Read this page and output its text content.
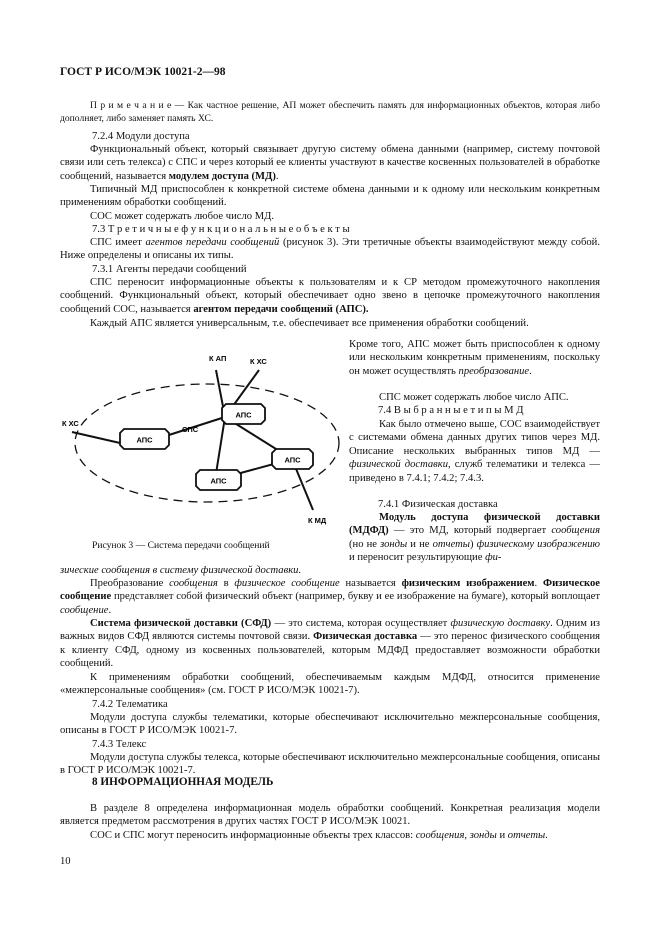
ГОСТ Р ИСО/МЭК 10021-2—98
П р и м е ч а н и е — Как частное решение, АП может обеспечить память для информационных объектов, которая либо дополняет, либо заменяет память ХС.
7.2.4 Модули доступа
Функциональный объект, который связывает другую систему обмена данными (например, систему почтовой связи или сеть телекса) с СПС и через который ее клиенты участвуют в качестве косвенных пользователей в обработке сообщений, называется модулем доступа (МД).
Типичный МД приспособлен к конкретной системе обмена данными и к одному или нескольким конкретным применениям обработки сообщений.
СОС может содержать любое число МД.
7.3 Т р е т и ч н ы е ф у н к ц и о н а л ь н ы е о б ъ е к т ы
СПС имеет агентов передачи сообщений (рисунок 3). Эти третичные объекты взаимодействуют между собой. Ниже определены и описаны их типы.
7.3.1 Агенты передачи сообщений
СПС переносит информационные объекты к пользователям и к СР методом промежуточного накопления сообщений. Функциональный объект, который обеспечивает одно звено в цепочке промежуточного накопления сообщений СОС, называется агентом передачи сообщений (АПС).
Каждый АПС является универсальным, т.е. обеспечивает все применения обработки сообщений.
АПС
АПС
АПС
АПС
СПС
К АП	К ХС
К ХС
К МД
Рисунок 3 — Система передачи сообщений
Кроме того, АПС может быть приспособлен к одному или нескольким конкретным применениям, поскольку он может осуществлять преобразование.
СПС может содержать любое число АПС.
7.4 В ы б р а н н ы е т и п ы М Д
Как было отмечено выше, СОС взаимодействует с системами обмена данных других типов через МД. Описание нескольких выбранных типов МД — физической доставки, служб телематики и телекса — приведено в 7.4.1; 7.4.2; 7.4.3.
7.4.1 Физическая доставка
Модуль доступа физической доставки (МДФД) — это МД, который подвергает сообщения (но не зонды и не отчеты) физическому изображению и переносит результирующие фи-
зические сообщения в систему физической доставки.
Преобразование сообщения в физическое сообщение называется физическим изображением. Физическое сообщение представляет собой физический объект (например, букву и ее изображение на бумаге), который воплощает сообщение.
Система физической доставки (СФД) — это система, которая осуществляет физическую доставку. Одним из важных видов СФД являются системы почтовой связи. Физическая доставка — это перенос физического сообщения к клиенту СФД, одному из косвенных пользователей, которым МДФД предоставляет возможности обработки сообщений.
К применениям обработки сообщений, обеспечиваемым каждым МДФД, относится применение «межперсональные сообщения» (см. ГОСТ Р ИСО/МЭК 10021-7).
7.4.2 Телематика
Модули доступа службы телематики, которые обеспечивают исключительно межперсональные сообщения, описаны в ГОСТ Р ИСО/МЭК 10021-7.
7.4.3 Телекс
Модули доступа службы телекса, которые обеспечивают исключительно межперсональные сообщения, описаны в ГОСТ Р ИСО/МЭК 10021-7.
8 ИНФОРМАЦИОННАЯ МОДЕЛЬ
В разделе 8 определена информационная модель обработки сообщений. Конкретная реализация модели является предметом рассмотрения в других частях ГОСТ Р ИСО/МЭК 10021.
СОС и СПС могут переносить информационные объекты трех классов: сообщения, зонды и отчеты.
10
